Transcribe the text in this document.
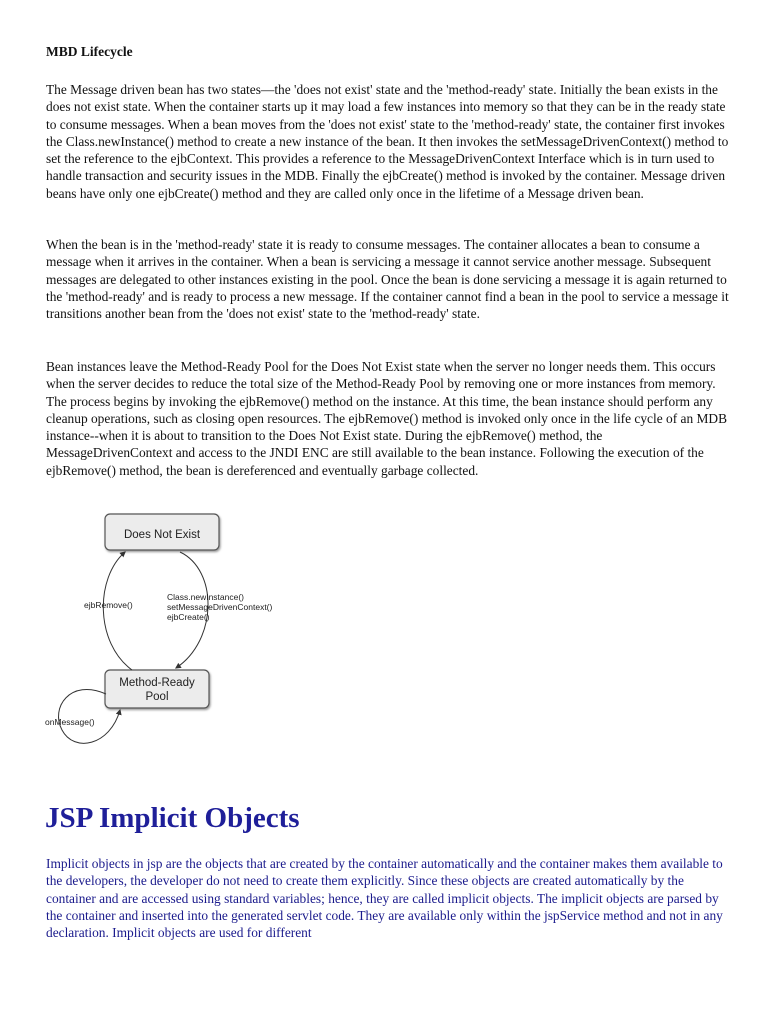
MBD Lifecycle

The Message driven bean has two states—the 'does not exist' state and the 'method-ready' state. Initially the bean exists in the does not exist state. When the container starts up it may load a few instances into memory so that they can be in the ready state to consume messages. When a bean moves from the 'does not exist' state to the 'method-ready' state, the container first invokes the Class.newInstance() method to create a new instance of the bean. It then invokes the setMessageDrivenContext() method to set the reference to the ejbContext. This provides a reference to the MessageDrivenContext Interface which is in turn used to handle transaction and security issues in the MDB. Finally the ejbCreate() method is invoked by the container. Message driven beans have only one ejbCreate() method and they are called only once in the lifetime of a Message driven bean.

When the bean is in the 'method-ready' state it is ready to consume messages. The container allocates a bean to consume a message when it arrives in the container. When a bean is servicing a message it cannot service another message. Subsequent messages are delegated to other instances existing in the pool. Once the bean is done servicing a message it is again returned to the 'method-ready' and is ready to process a new message. If the container cannot find a bean in the pool to service a message it transitions another bean from the 'does not exist' state to the 'method-ready' state.

Bean instances leave the Method-Ready Pool for the Does Not Exist state when the server no longer needs them. This occurs when the server decides to reduce the total size of the Method-Ready Pool by removing one or more instances from memory. The process begins by invoking the ejbRemove() method on the instance. At this time, the bean instance should perform any cleanup operations, such as closing open resources. The ejbRemove() method is invoked only once in the life cycle of an MDB instance--when it is about to transition to the Does Not Exist state. During the ejbRemove() method, the MessageDrivenContext and access to the JNDI ENC are still available to the bean instance. Following the execution of the ejbRemove() method, the bean is dereferenced and eventually garbage collected.

Does Not Exist
Method-Ready
Pool
ejbRemove()
Class.newInstance()
setMessageDrivenContext()
ejbCreate()
onMessage()
JSP Implicit Objects

Implicit objects in jsp are the objects that are created by the container automatically and the container makes them available to the developers, the developer do not need to create them explicitly. Since these objects are created automatically by the container and are accessed using standard variables; hence, they are called implicit objects. The implicit objects are parsed by the container and inserted into the generated servlet code. They are available only within the jspService method and not in any declaration. Implicit objects are used for different
